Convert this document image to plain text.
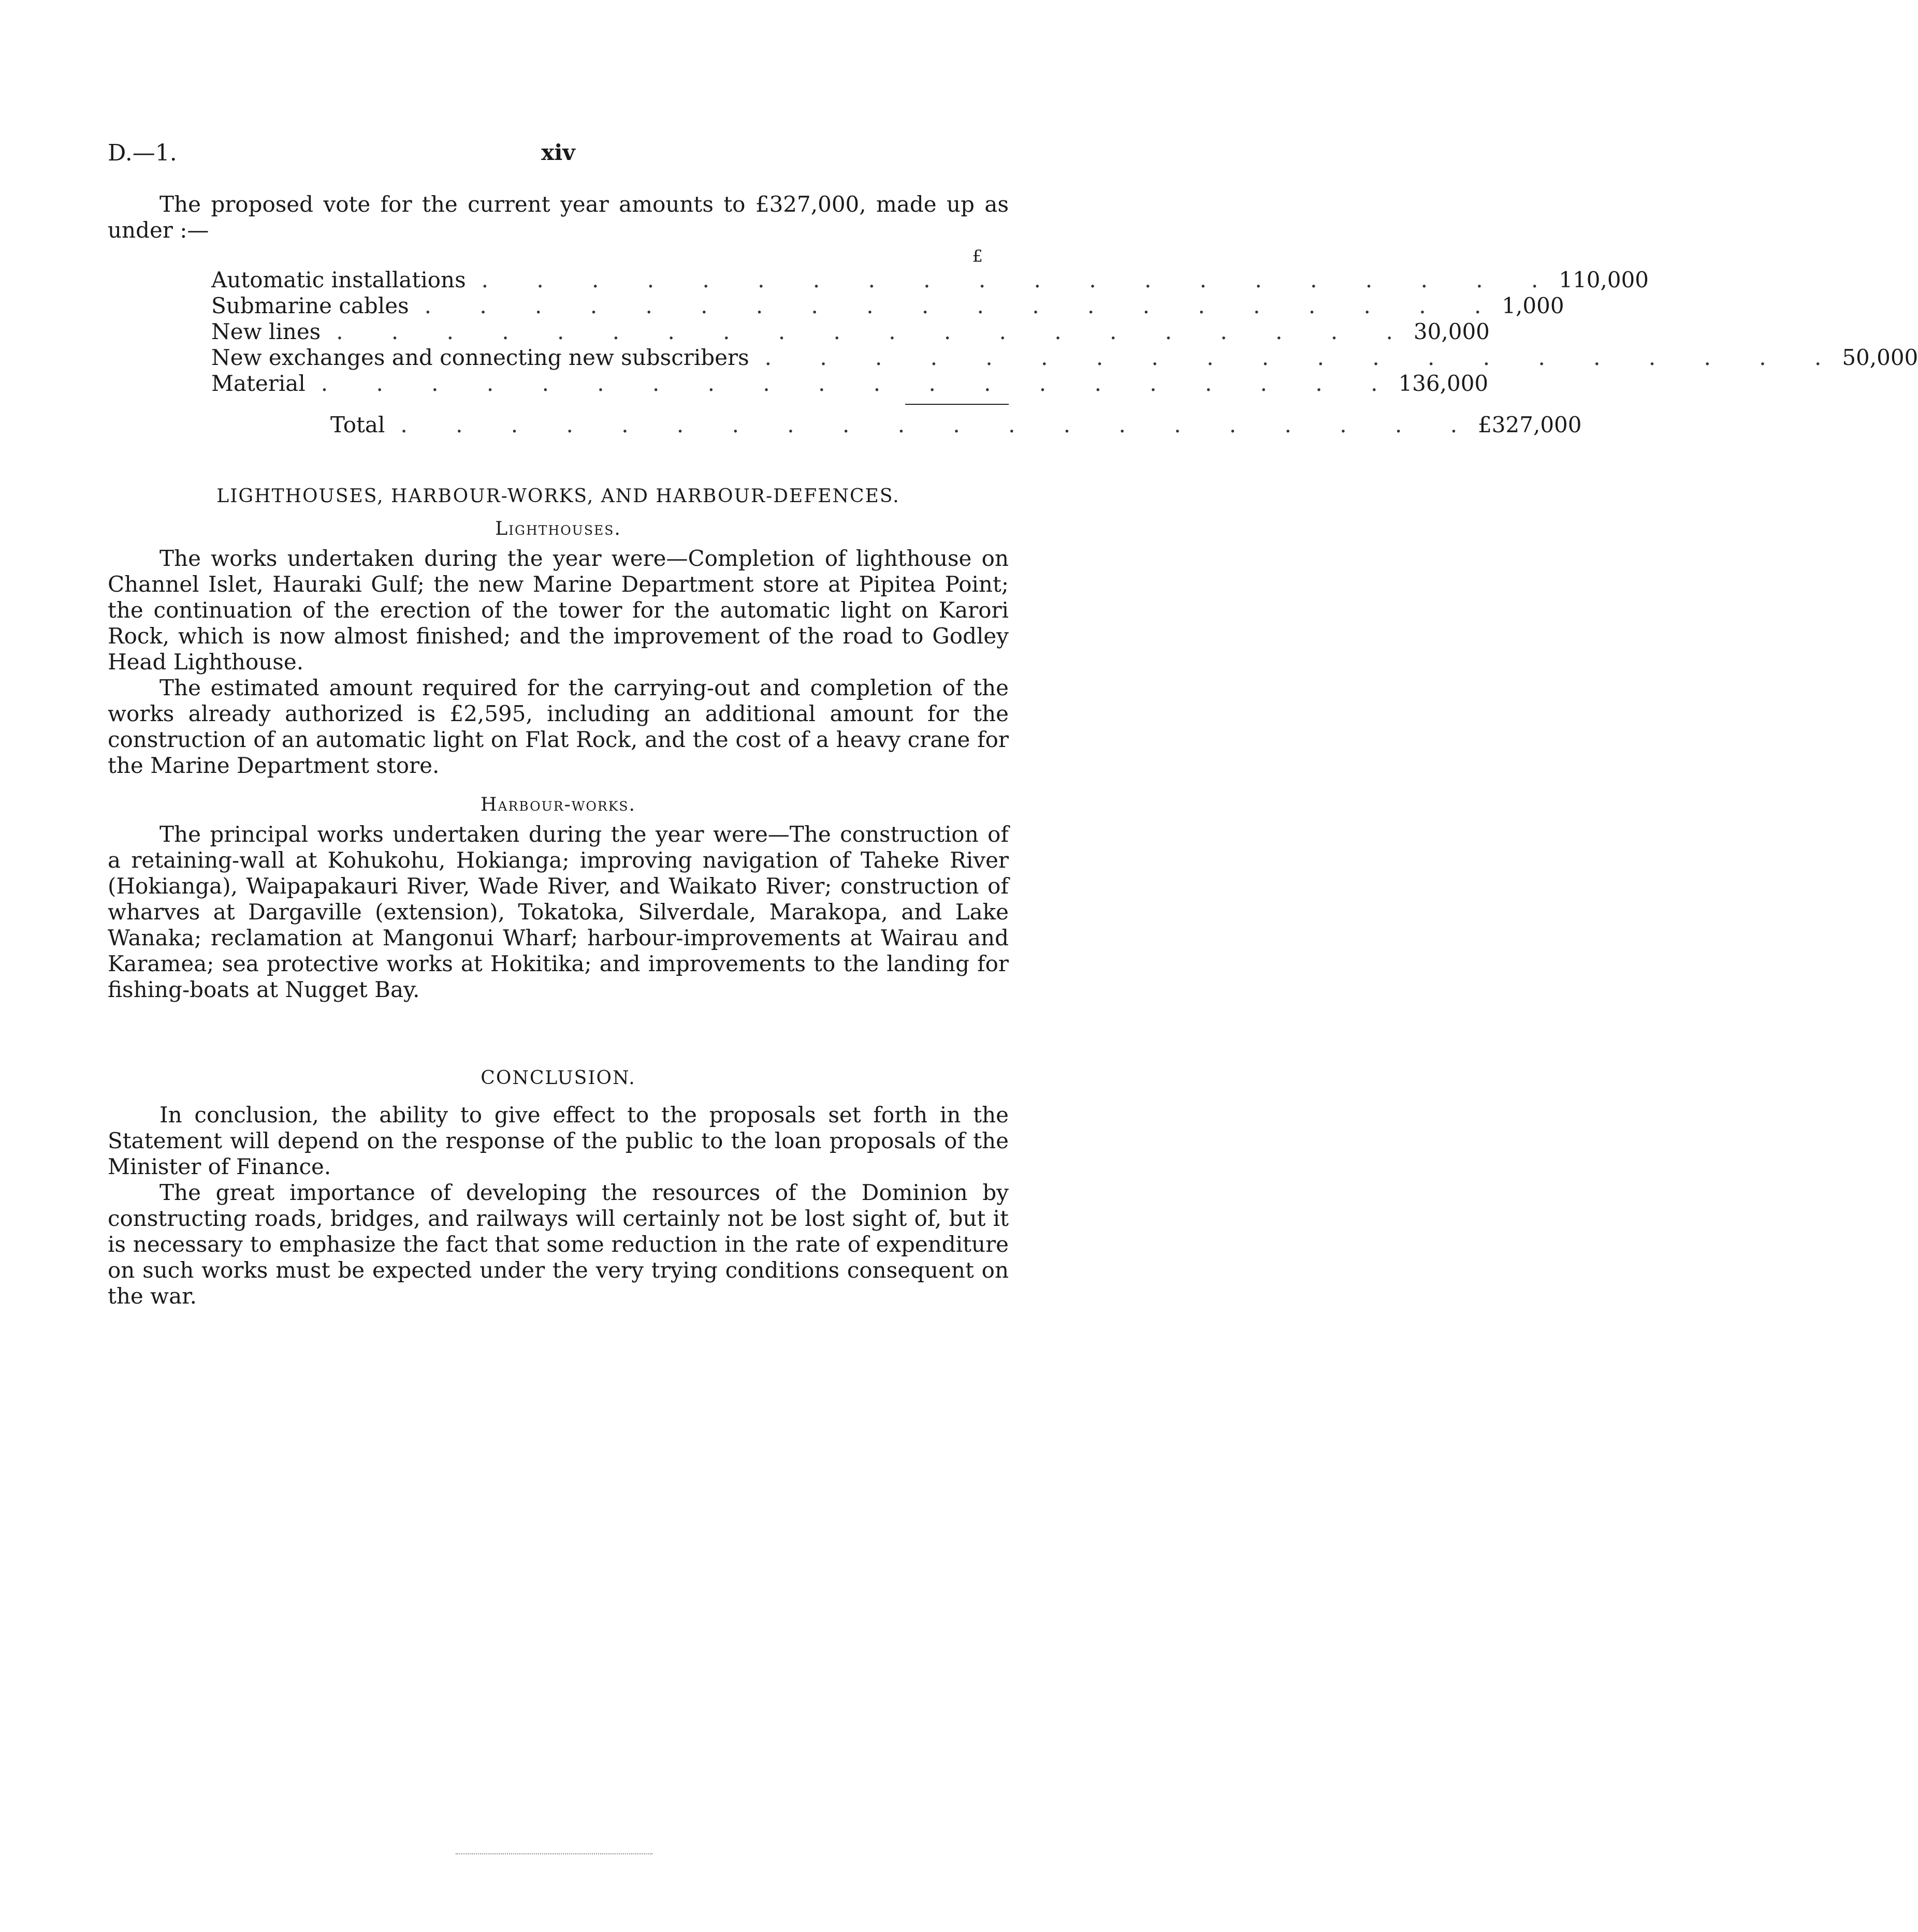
D.—1.	xiv

The proposed vote for the current year amounts to £327,000, made up as under :—

£
Automatic installations . . . . . . . . . . . . . . . . . . . . 110,000
Submarine cables . . . . . . . . . . . . . . . . . . . . 1,000
New lines . . . . . . . . . . . . . . . . . . . . 30,000
New exchanges and connecting new subscribers . . . . . . . . . . . . . . . . . . . . 50,000
Material . . . . . . . . . . . . . . . . . . . . 136,000
Total . . . . . . . . . . . . . . . . . . . . £327,000
LIGHTHOUSES, HARBOUR-WORKS, AND HARBOUR-DEFENCES.
Lighthouses.

The works undertaken during the year were—Completion of lighthouse on Channel Islet, Hauraki Gulf; the new Marine Department store at Pipitea Point; the continuation of the erection of the tower for the automatic light on Karori Rock, which is now almost finished; and the improvement of the road to Godley Head Lighthouse.

The estimated amount required for the carrying-out and completion of the works already authorized is £2,595, including an additional amount for the construction of an automatic light on Flat Rock, and the cost of a heavy crane for the Marine Department store.

Harbour-works.

The principal works undertaken during the year were—The construction of a retaining-wall at Kohukohu, Hokianga; improving navigation of Taheke River (Hokianga), Waipapakauri River, Wade River, and Waikato River; construction of wharves at Dargaville (extension), Tokatoka, Silverdale, Marakopa, and Lake Wanaka; reclamation at Mangonui Wharf; harbour-improvements at Wairau and Karamea; sea protective works at Hokitika; and improvements to the landing for fishing-boats at Nugget Bay.

CONCLUSION.

In conclusion, the ability to give effect to the proposals set forth in the Statement will depend on the response of the public to the loan proposals of the Minister of Finance.

The great importance of developing the resources of the Dominion by constructing roads, bridges, and railways will certainly not be lost sight of, but it is necessary to emphasize the fact that some reduction in the rate of expenditure on such works must be expected under the very trying conditions consequent on the war.
